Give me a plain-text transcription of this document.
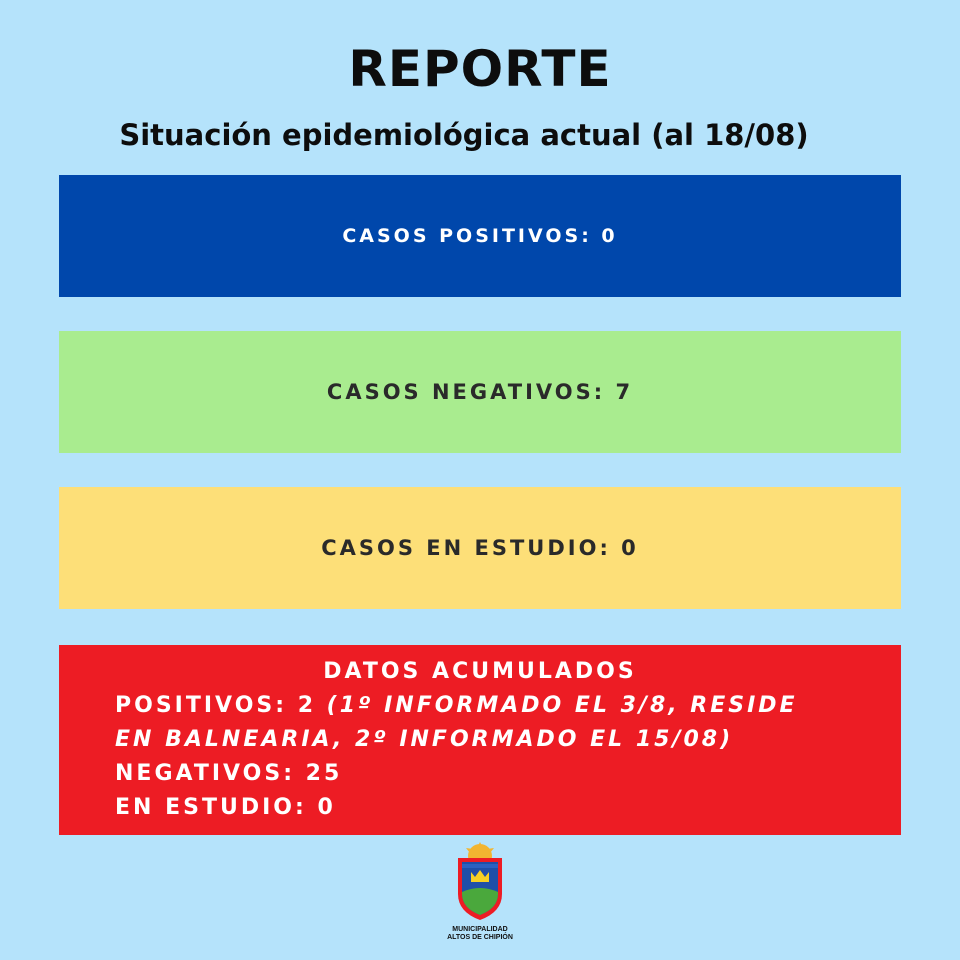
REPORTE
Situación epidemiológica actual (al 18/08)
CASOS POSITIVOS: 0
CASOS NEGATIVOS: 7
CASOS EN ESTUDIO: 0
DATOS ACUMULADOS
POSITIVOS: 2 (1º INFORMADO EL 3/8, RESIDE
EN BALNEARIA, 2º INFORMADO EL 15/08)
NEGATIVOS: 25
EN ESTUDIO: 0
MUNICIPALIDAD
ALTOS DE CHIPIÓN
